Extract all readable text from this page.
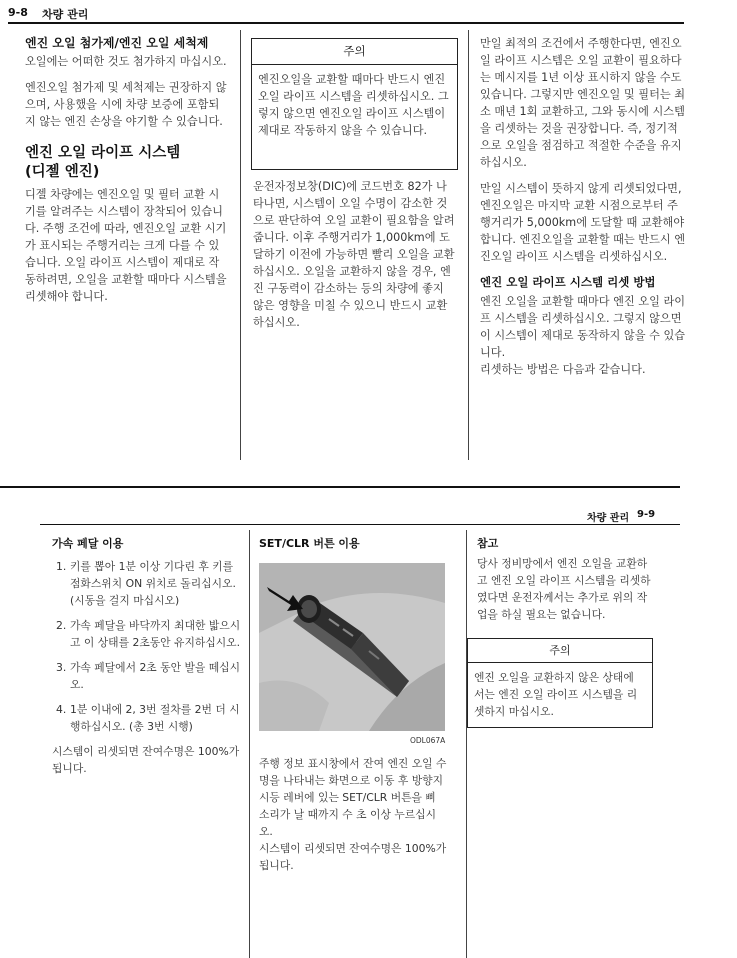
9-8 차량 관리
엔진 오일 첨가제/엔진 오일 세척제

오일에는 어떠한 것도 첨가하지 마십시오.

엔진오일 첨가제 및 세척제는 권장하지 않으며, 사용했을 시에 차량 보증에 포함되지 않는 엔진 손상을 야기할 수 있습니다.

엔진 오일 라이프 시스템
(디젤 엔진)

디젤 차량에는 엔진오일 및 필터 교환 시기를 알려주는 시스템이 장착되어 있습니다. 주행 조건에 따라, 엔진오일 교환 시기가 표시되는 주행거리는 크게 다를 수 있습니다. 오일 라이프 시스템이 제대로 작동하려면, 오일을 교환할 때마다 시스템을 리셋해야 합니다.

주의
엔진오일을 교환할 때마다 반드시 엔진오일 라이프 시스템을 리셋하십시오. 그렇지 않으면 엔진오일 라이프 시스템이 제대로 작동하지 않을 수 있습니다.

운전자정보창(DIC)에 코드번호 82가 나타나면, 시스템이 오일 수명이 감소한 것으로 판단하여 오일 교환이 필요함을 알려줍니다. 이후 주행거리가 1,000km에 도달하기 이전에 가능하면 빨리 오일을 교환하십시오. 오일을 교환하지 않을 경우, 엔진 구동력이 감소하는 등의 차량에 좋지 않은 영향을 미칠 수 있으니 반드시 교환하십시오.

만일 최적의 조건에서 주행한다면, 엔진오일 라이프 시스템은 오일 교환이 필요하다는 메시지를 1년 이상 표시하지 않을 수도 있습니다. 그렇지만 엔진오일 및 필터는 최소 매년 1회 교환하고, 그와 동시에 시스템을 리셋하는 것을 권장합니다. 즉, 정기적으로 오일을 점검하고 적절한 수준을 유지하십시오.

만일 시스템이 뜻하지 않게 리셋되었다면, 엔진오일은 마지막 교환 시점으로부터 주행거리가 5,000km에 도달할 때 교환해야 합니다. 엔진오일을 교환할 때는 반드시 엔진오일 라이프 시스템을 리셋하십시오.

엔진 오일 라이프 시스템 리셋 방법

엔진 오일을 교환할 때마다 엔진 오일 라이프 시스템을 리셋하십시오. 그렇지 않으면 이 시스템이 제대로 동작하지 않을 수 있습니다.

리셋하는 방법은 다음과 같습니다.

차량 관리 9-9
가속 페달 이용
1. 키를 뽑아 1분 이상 기다린 후 키를 점화스위치 ON 위치로 돌리십시오. (시동을 걸지 마십시오)
2. 가속 페달을 바닥까지 최대한 밟으시고 이 상태를 2초동안 유지하십시오.
3. 가속 페달에서 2초 동안 발을 떼십시오.
4. 1분 이내에 2, 3번 절차를 2번 더 시행하십시오. (총 3번 시행)

시스템이 리셋되면 잔여수명은 100%가 됩니다.

SET/CLR 버튼 이용
ODL067A

주행 정보 표시창에서 잔여 엔진 오일 수명을 나타내는 화면으로 이동 후 방향지시등 레버에 있는 SET/CLR 버튼을 삐 소리가 날 때까지 수 초 이상 누르십시오.

시스템이 리셋되면 잔여수명은 100%가 됩니다.

참고

당사 정비망에서 엔진 오일을 교환하고 엔진 오일 라이프 시스템을 리셋하였다면 운전자께서는 추가로 위의 작업을 하실 필요는 없습니다.

주의
엔진 오일을 교환하지 않은 상태에서는 엔진 오일 라이프 시스템을 리셋하지 마십시오.
